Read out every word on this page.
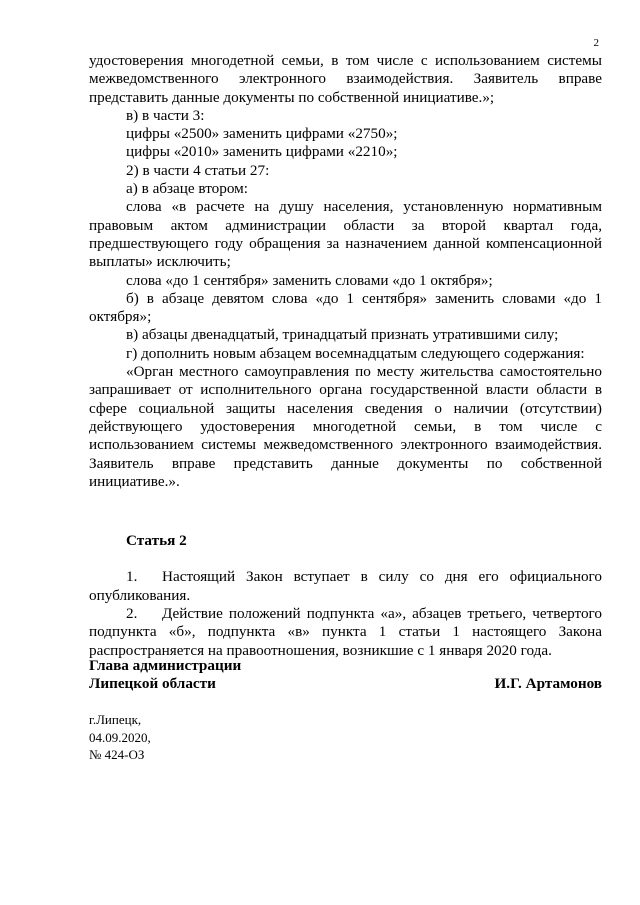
2

удостоверения многодетной семьи, в том числе с использованием системы межведомственного электронного взаимодействия. Заявитель вправе представить данные документы по собственной инициативе.»;

в) в части 3:

цифры «2500» заменить цифрами «2750»;

цифры «2010» заменить цифрами «2210»;

2) в части 4 статьи 27:

а) в абзаце втором:

слова «в расчете на душу населения, установленную нормативным правовым актом администрации области за второй квартал года, предшествующего году обращения за назначением данной компенсационной выплаты» исключить;

слова «до 1 сентября» заменить словами «до 1 октября»;

б) в абзаце девятом слова «до 1 сентября» заменить словами «до 1 октября»;

в) абзацы двенадцатый, тринадцатый признать утратившими силу;

г) дополнить новым абзацем восемнадцатым следующего содержания:

«Орган местного самоуправления по месту жительства самостоятельно запрашивает от исполнительного органа государственной власти области в сфере социальной защиты населения сведения о наличии (отсутствии) действующего удостоверения многодетной семьи, в том числе с использованием системы межведомственного электронного взаимодействия. Заявитель вправе представить данные документы по собственной инициативе.».

Статья 2

1. Настоящий Закон вступает в силу со дня его официального опубликования.

2. Действие положений подпункта «а», абзацев третьего, четвертого подпункта «б», подпункта «в» пункта 1 статьи 1 настоящего Закона распространяется на правоотношения, возникшие с 1 января 2020 года.

Глава администрации
Липецкой области	И.Г. Артамонов
г.Липецк,
04.09.2020,
№ 424-ОЗ
